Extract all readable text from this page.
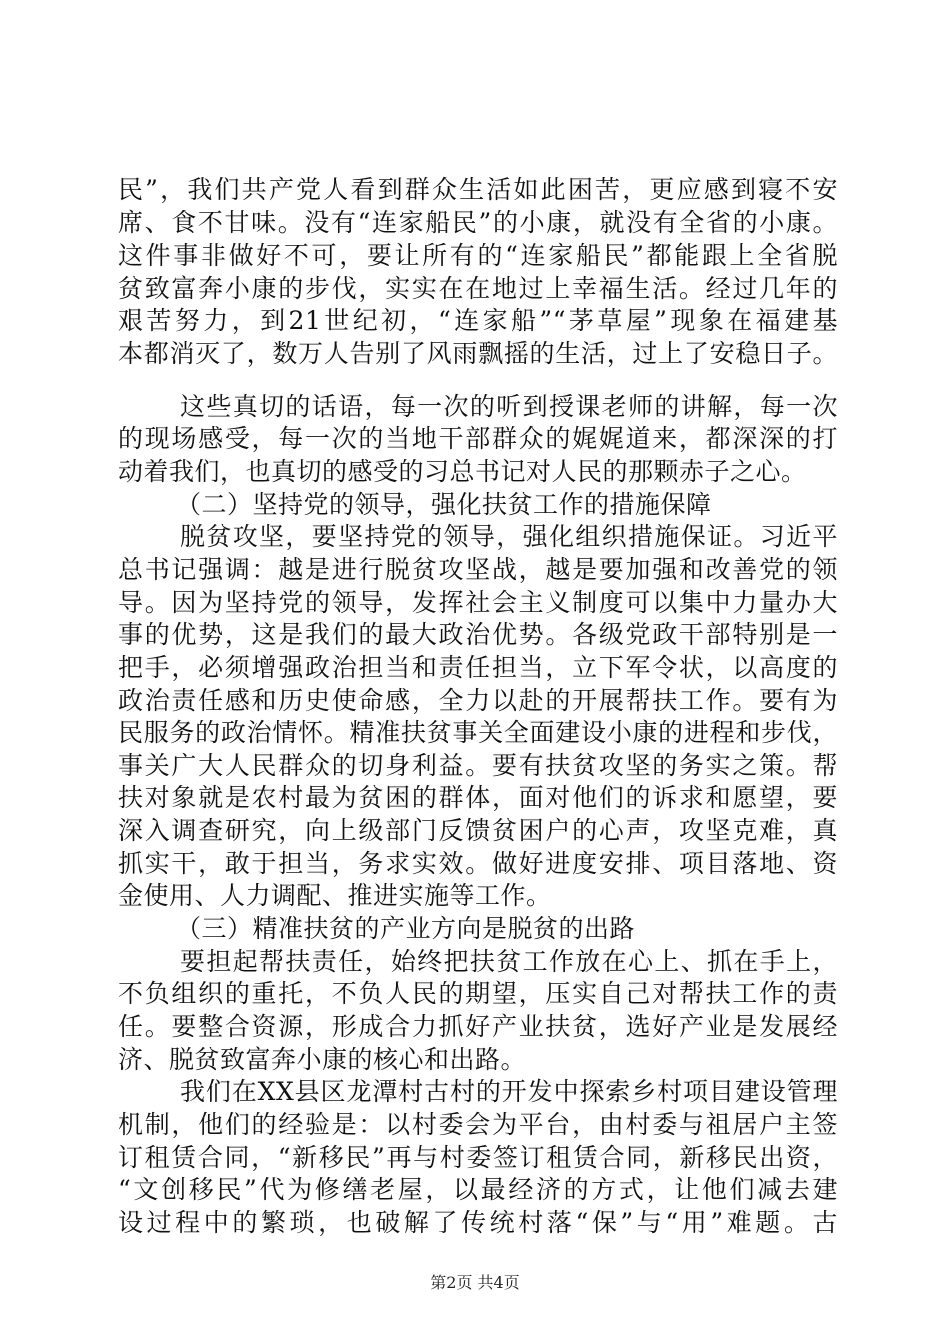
民”，我们共产党人看到群众生活如此困苦，更应感到寝不安
席、食不甘味。没有“连家船民”的小康，就没有全省的小康。
这件事非做好不可，要让所有的“连家船民”都能跟上全省脱
贫致富奔小康的步伐，实实在在地过上幸福生活。经过几年的
艰苦努力，到21世纪初，“连家船”“茅草屋”现象在福建基
本都消灭了，数万人告别了风雨飘摇的生活，过上了安稳日子。
这些真切的话语，每一次的听到授课老师的讲解，每一次
的现场感受，每一次的当地干部群众的娓娓道来，都深深的打
动着我们，也真切的感受的习总书记对人民的那颗赤子之心。
（二）坚持党的领导，强化扶贫工作的措施保障
脱贫攻坚，要坚持党的领导，强化组织措施保证。习近平
总书记强调：越是进行脱贫攻坚战，越是要加强和改善党的领
导。因为坚持党的领导，发挥社会主义制度可以集中力量办大
事的优势，这是我们的最大政治优势。各级党政干部特别是一
把手，必须增强政治担当和责任担当，立下军令状，以高度的
政治责任感和历史使命感，全力以赴的开展帮扶工作。要有为
民服务的政治情怀。精准扶贫事关全面建设小康的进程和步伐，
事关广大人民群众的切身利益。要有扶贫攻坚的务实之策。帮
扶对象就是农村最为贫困的群体，面对他们的诉求和愿望，要
深入调查研究，向上级部门反馈贫困户的心声，攻坚克难，真
抓实干，敢于担当，务求实效。做好进度安排、项目落地、资
金使用、人力调配、推进实施等工作。
（三）精准扶贫的产业方向是脱贫的出路
要担起帮扶责任，始终把扶贫工作放在心上、抓在手上，
不负组织的重托，不负人民的期望，压实自己对帮扶工作的责
任。要整合资源，形成合力抓好产业扶贫，选好产业是发展经
济、脱贫致富奔小康的核心和出路。
我们在XX县区龙潭村古村的开发中探索乡村项目建设管理
机制，他们的经验是：以村委会为平台，由村委与祖居户主签
订租赁合同，“新移民”再与村委签订租赁合同，新移民出资，
“文创移民”代为修缮老屋，以最经济的方式，让他们减去建
设过程中的繁琐，也破解了传统村落“保”与“用”难题。古
第2页 共4页
